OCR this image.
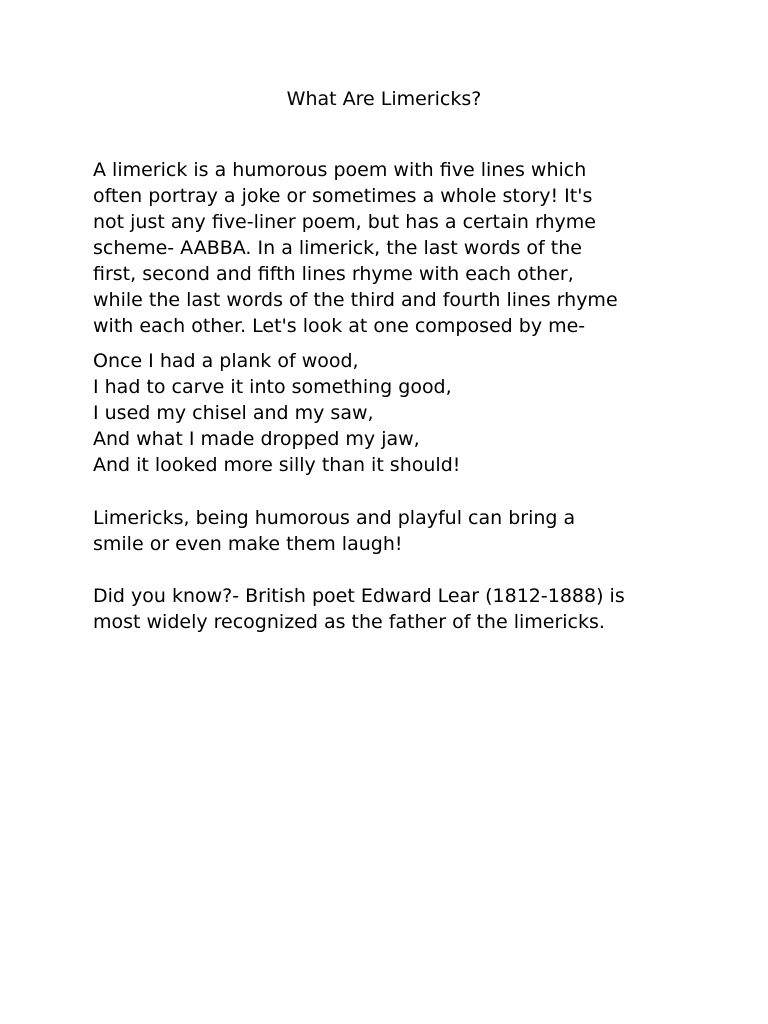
What Are Limericks?

A limerick is a humorous poem with five lines which
often portray a joke or sometimes a whole story! It's
not just any five-liner poem, but has a certain rhyme
scheme- AABBA. In a limerick, the last words of the
first, second and fifth lines rhyme with each other,
while the last words of the third and fourth lines rhyme
with each other. Let's look at one composed by me-

Once I had a plank of wood,
I had to carve it into something good,
I used my chisel and my saw,
And what I made dropped my jaw,
And it looked more silly than it should!

Limericks, being humorous and playful can bring a
smile or even make them laugh!

Did you know?- British poet Edward Lear (1812-1888) is
most widely recognized as the father of the limericks.
